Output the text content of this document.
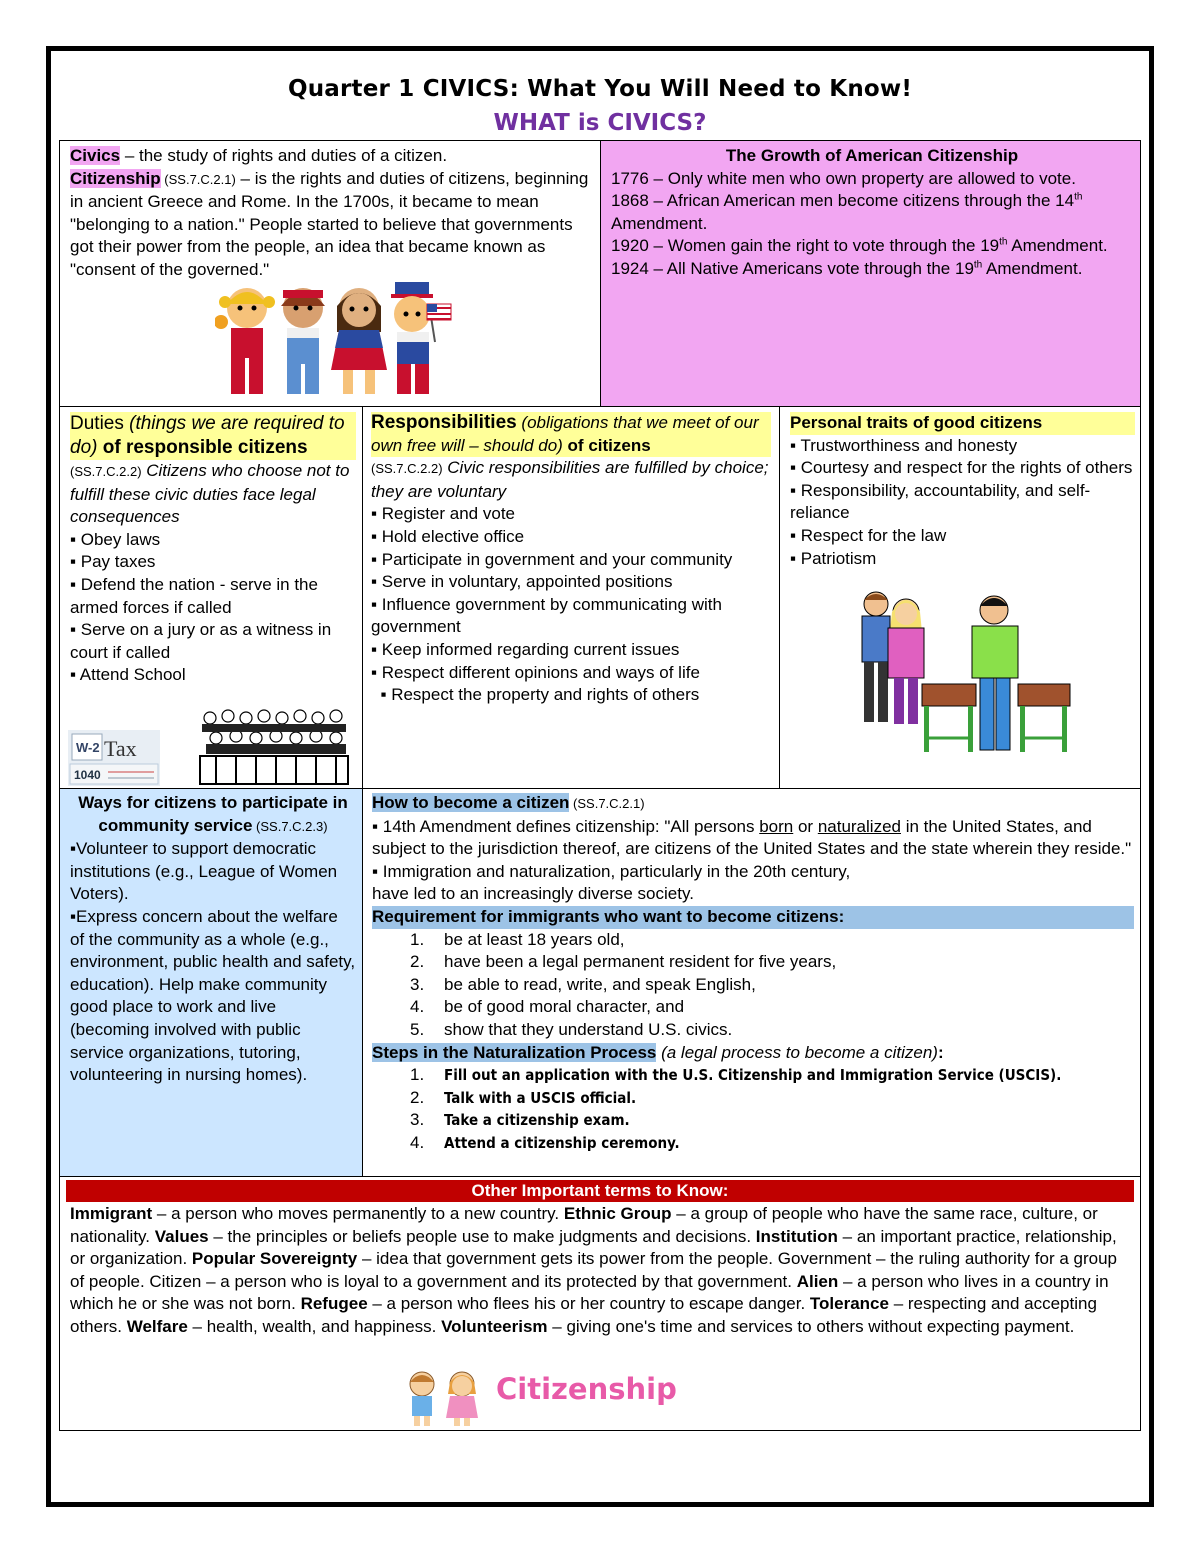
Quarter 1 CIVICS: What You Will Need to Know!
WHAT is CIVICS?

Civics – the study of rights and duties of a citizen.

Citizenship (SS.7.C.2.1) – is the rights and duties of citizens, beginning in ancient Greece and Rome. In the 1700s, it became to mean "belonging to a nation." People started to believe that governments got their power from the people, an idea that became known as "consent of the governed."

The Growth of American Citizenship

1776 – Only white men who own property are allowed to vote.

1868 – African American men become citizens through the 14th Amendment.

1920 – Women gain the right to vote through the 19th Amendment.

1924 – All Native Americans vote through the 19th Amendment.

Duties (things we are required to do) of responsible citizens

(SS.7.C.2.2) Citizens who choose not to fulfill these civic duties face legal consequences

▪ Obey laws

▪ Pay taxes

▪ Defend the nation - serve in the armed forces if called

▪ Serve on a jury or as a witness in court if called

▪ Attend School

W-2 Tax
1040

Responsibilities (obligations that we meet of our own free will – should do) of citizens

(SS.7.C.2.2) Civic responsibilities are fulfilled by choice; they are voluntary

▪ Register and vote

▪ Hold elective office

▪ Participate in government and your community

▪ Serve in voluntary, appointed positions

▪ Influence government by communicating with government

▪ Keep informed regarding current issues

▪ Respect different opinions and ways of life

▪ Respect the property and rights of others

Personal traits of good citizens

▪ Trustworthiness and honesty

▪ Courtesy and respect for the rights of others

▪ Responsibility, accountability, and self-reliance

▪ Respect for the law

▪ Patriotism

Ways for citizens to participate in community service (SS.7.C.2.3)

▪Volunteer to support democratic institutions (e.g., League of Women Voters).

▪Express concern about the welfare of the community as a whole (e.g., environment, public health and safety, education). Help make community good place to work and live (becoming involved with public service organizations, tutoring, volunteering in nursing homes).

How to become a citizen (SS.7.C.2.1)

▪ 14th Amendment defines citizenship: "All persons born or naturalized in the United States, and subject to the jurisdiction thereof, are citizens of the United States and the state wherein they reside."

▪ Immigration and naturalization, particularly in the 20th century, have led to an increasingly diverse society.

Requirement for immigrants who want to become citizens:

1. be at least 18 years old,
2. have been a legal permanent resident for five years,
3. be able to read, write, and speak English,
4. be of good moral character, and
5. show that they understand U.S. civics.

Steps in the Naturalization Process (a legal process to become a citizen):

1. Fill out an application with the U.S. Citizenship and Immigration Service (USCIS).
2. Talk with a USCIS official.
3. Take a citizenship exam.
4. Attend a citizenship ceremony.
Other Important terms to Know:

Immigrant – a person who moves permanently to a new country. Ethnic Group – a group of people who have the same race, culture, or nationality. Values – the principles or beliefs people use to make judgments and decisions. Institution – an important practice, relationship, or organization. Popular Sovereignty – idea that government gets its power from the people. Government – the ruling authority for a group of people. Citizen – a person who is loyal to a government and its protected by that government. Alien – a person who lives in a country in which he or she was not born. Refugee – a person who flees his or her country to escape danger. Tolerance – respecting and accepting others. Welfare – health, wealth, and happiness. Volunteerism – giving one's time and services to others without expecting payment.

Citizenship
